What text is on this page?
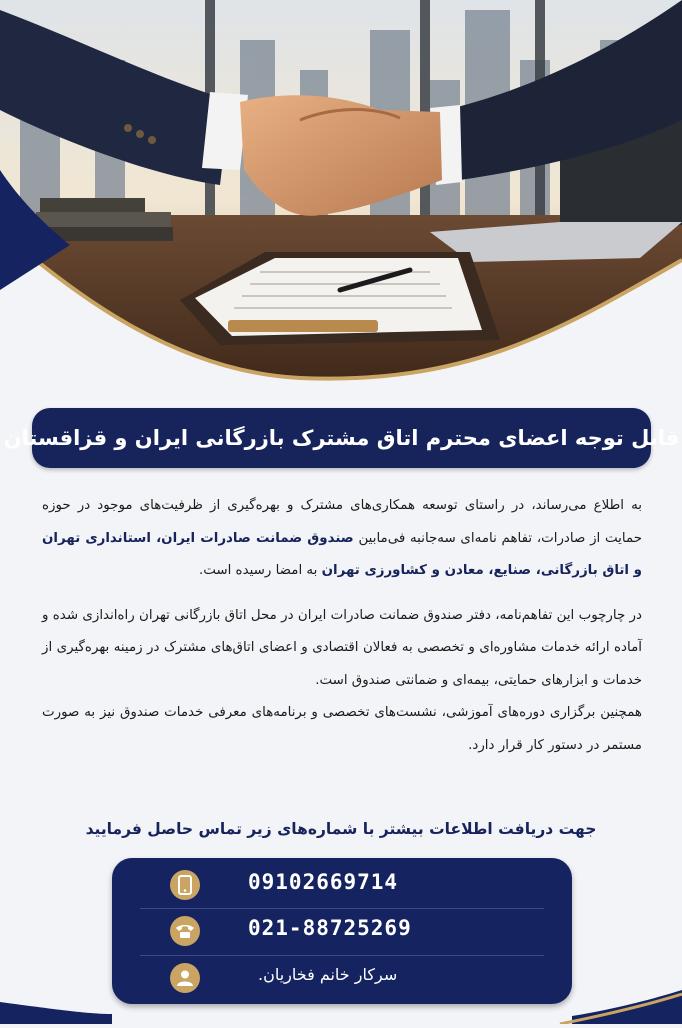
قابل توجه اعضای محترم اتاق مشترک بازرگانی ایران و قزاقستان

به اطلاع می‌رساند، در راستای توسعه همکاری‌های مشترک و بهره‌گیری از ظرفیت‌های موجود در حوزه حمایت از صادرات، تفاهم نامه‌ای سه‌جانبه فی‌مابین صندوق ضمانت صادرات ایران، استانداری تهران و اتاق بازرگانی، صنایع، معادن و کشاورزی تهران به امضا رسیده است.

در چارچوب این تفاهم‌نامه، دفتر صندوق ضمانت صادرات ایران در محل اتاق بازرگانی تهران راه‌اندازی شده و آماده ارائه خدمات مشاوره‌ای و تخصصی به فعالان اقتصادی و اعضای اتاق‌های مشترک در زمینه بهره‌گیری از خدمات و ابزارهای حمایتی، بیمه‌ای و ضمانتی صندوق است.

همچنین برگزاری دوره‌های آموزشی، نشست‌های تخصصی و برنامه‌های معرفی خدمات صندوق نیز به صورت مستمر در دستور کار قرار دارد.

جهت دریافت اطلاعات بیشتر با شماره‌های زیر تماس حاصل فرمایید
09102669714
021-88725269
سرکار خانم فخاریان.
